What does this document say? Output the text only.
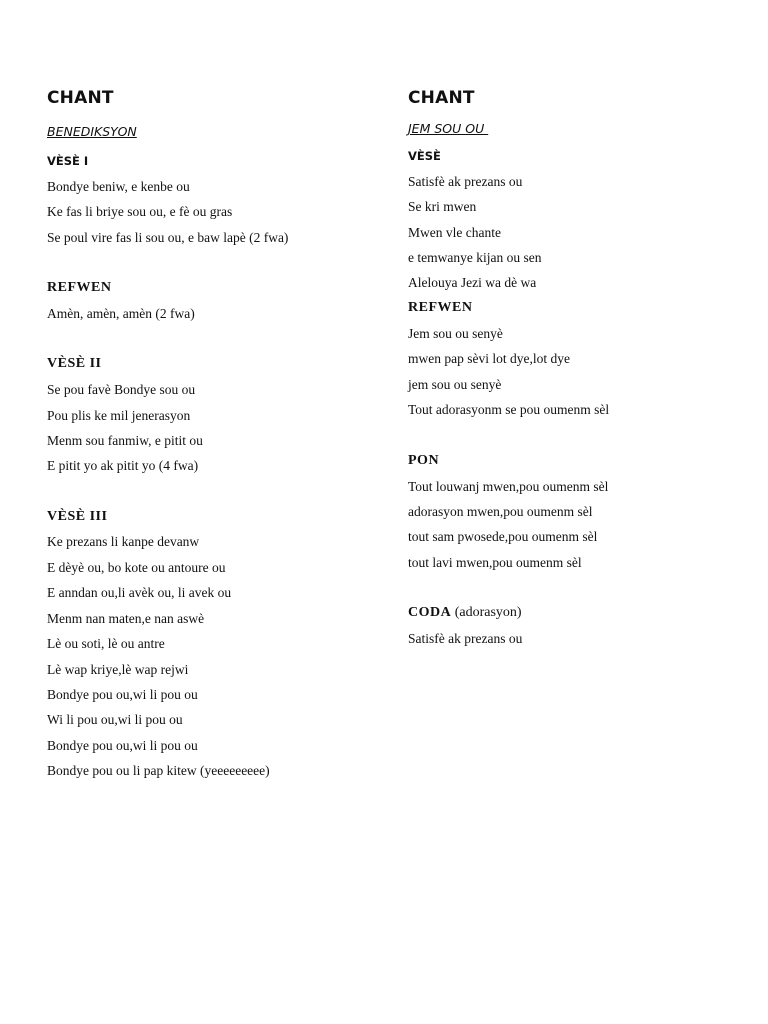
CHANT
BENEDIKSYON
VÈSÈ I
Bondye beniw, e kenbe ou
Ke fas li briye sou ou, e fè ou gras
Se poul vire fas li sou ou, e baw lapè (2 fwa)
REFWEN
Amèn, amèn, amèn (2 fwa)
VÈSÈ II
Se pou favè Bondye sou ou
Pou plis ke mil jenerasyon
Menm sou fanmiw, e pitit ou
E pitit yo ak pitit yo (4 fwa)
VÈSÈ III
Ke prezans li kanpe devanw
E dèyè ou, bo kote ou antoure ou
E anndan ou,li avèk ou, li avek ou
Menm nan maten,e nan aswè
Lè ou soti, lè ou antre
Lè wap kriye,lè wap rejwi
Bondye pou ou,wi li pou ou
Wi li pou ou,wi li pou ou
Bondye pou ou,wi li pou ou
Bondye pou ou li pap kitew (yeeeeeeeee)
CHANT
JEM SOU OU
VÈSÈ
Satisfè ak prezans ou
Se kri mwen
Mwen vle chante
e temwanye kijan ou sen
Alelouya Jezi wa dè wa
REFWEN
Jem sou ou senyè
mwen pap sèvi lot dye,lot dye
jem sou ou senyè
Tout adorasyonm se pou oumenm sèl
PON
Tout louwanj mwen,pou oumenm sèl
adorasyon mwen,pou oumenm sèl
tout sam pwosede,pou oumenm sèl
tout lavi mwen,pou oumenm sèl
CODA (adorasyon)
Satisfè ak prezans ou
